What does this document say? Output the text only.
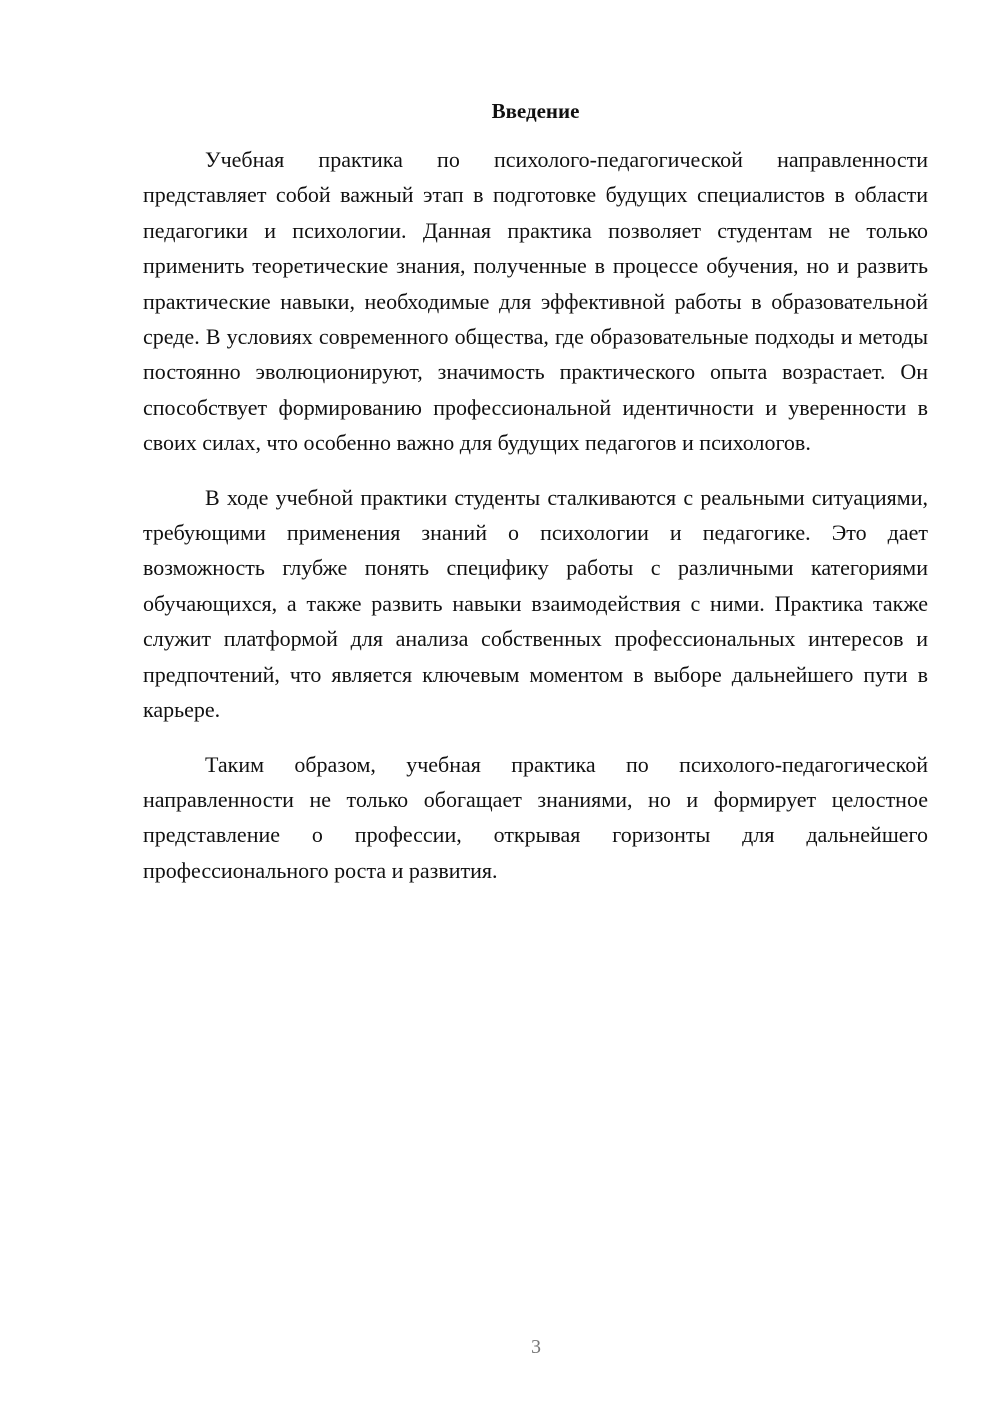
Введение

Учебная практика по психолого-педагогической направленности представляет собой важный этап в подготовке будущих специалистов в области педагогики и психологии. Данная практика позволяет студентам не только применить теоретические знания, полученные в процессе обучения, но и развить практические навыки, необходимые для эффективной работы в образовательной среде. В условиях современного общества, где образовательные подходы и методы постоянно эволюционируют, значимость практического опыта возрастает. Он способствует формированию профессиональной идентичности и уверенности в своих силах, что особенно важно для будущих педагогов и психологов.

В ходе учебной практики студенты сталкиваются с реальными ситуациями, требующими применения знаний о психологии и педагогике. Это дает возможность глубже понять специфику работы с различными категориями обучающихся, а также развить навыки взаимодействия с ними. Практика также служит платформой для анализа собственных профессиональных интересов и предпочтений, что является ключевым моментом в выборе дальнейшего пути в карьере.

Таким образом, учебная практика по психолого-педагогической направленности не только обогащает знаниями, но и формирует целостное представление о профессии, открывая горизонты для дальнейшего профессионального роста и развития.

3
